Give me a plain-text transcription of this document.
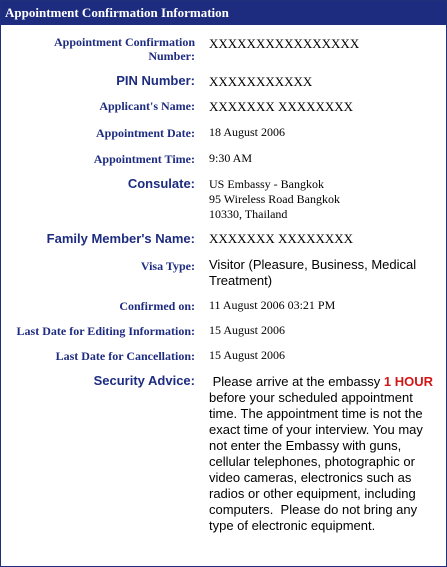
Appointment Confirmation Information
Appointment Confirmation Number:
XXXXXXXXXXXXXXXX
PIN Number: XXXXXXXXXXX
Applicant's Name: XXXXXXX XXXXXXXX
Appointment Date: 18 August 2006
Appointment Time: 9:30 AM
Consulate: US Embassy - Bangkok
95 Wireless Road Bangkok
10330, Thailand
Family Member's Name: XXXXXXX XXXXXXXX
Visa Type: Visitor (Pleasure, Business, Medical Treatment)
Confirmed on: 11 August 2006 03:21 PM
Last Date for Editing Information: 15 August 2006
Last Date for Cancellation: 15 August 2006
Security Advice: Please arrive at the embassy 1 HOUR before your scheduled appointment time. The appointment time is not the exact time of your interview. You may not enter the Embassy with guns, cellular telephones, photographic or video cameras, electronics such as radios or other equipment, including computers.  Please do not bring any type of electronic equipment.
